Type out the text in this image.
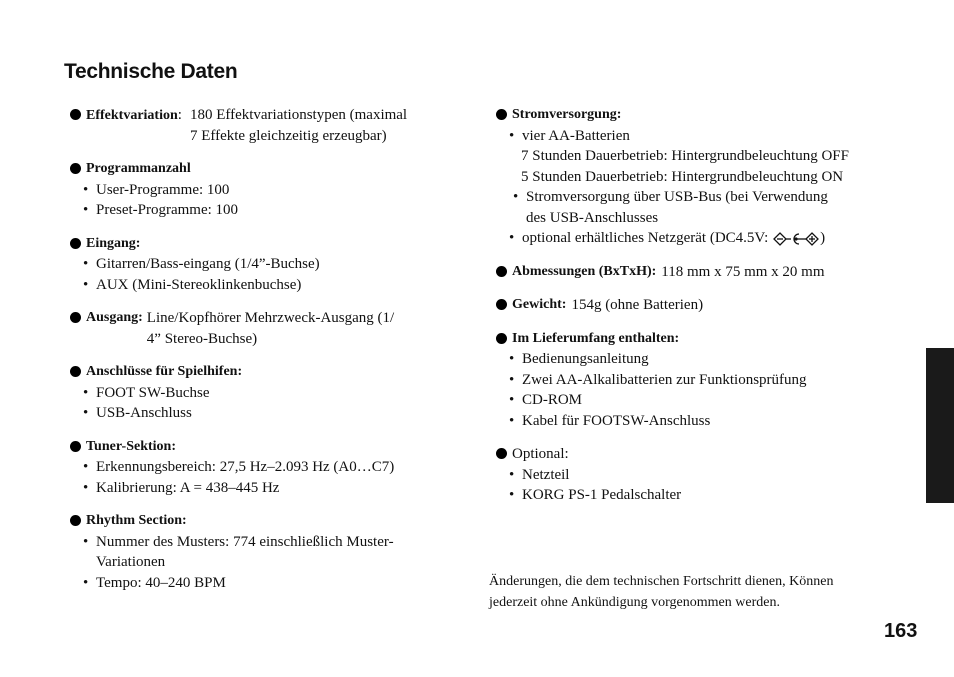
Technische Daten
Effektvariation: 180 Effektvariationstypen (maximal
7 Effekte gleichzeitig erzeugbar)
Programmanzahl
• User-Programme: 100
• Preset-Programme: 100
Eingang:
• Gitarren/Bass-eingang (1/4”-Buchse)
• AUX (Mini-Stereoklinkenbuchse)
Ausgang: Line/Kopfhörer Mehrzweck-Ausgang (1/
4” Stereo-Buchse)
Anschlüsse für Spielhifen:
• FOOT SW-Buchse
• USB-Anschluss
Tuner-Sektion:
• Erkennungsbereich: 27,5 Hz–2.093 Hz (A0…C7)
• Kalibrierung: A = 438–445 Hz
Rhythm Section:
• Nummer des Musters: 774 einschließlich Muster-
Variationen
• Tempo: 40–240 BPM
Stromversorgung:
• vier AA-Batterien
7 Stunden Dauerbetrieb: Hintergrundbeleuchtung OFF
5 Stunden Dauerbetrieb: Hintergrundbeleuchtung ON
• Stromversorgung über USB-Bus (bei Verwendung
des USB-Anschlusses
• optional erhältliches Netzgerät (DC4.5V:	)
Abmessungen (BxTxH): 118 mm x 75 mm x 20 mm
Gewicht: 154g (ohne Batterien)
Im Lieferumfang enthalten:
• Bedienungsanleitung
• Zwei AA-Alkalibatterien zur Funktionsprüfung
• CD-ROM
• Kabel für FOOTSW-Anschluss
Optional:
• Netzteil
• KORG PS-1 Pedalschalter
Änderungen, die dem technischen Fortschritt dienen, Können
jederzeit ohne Ankündigung vorgenommen werden.
163
